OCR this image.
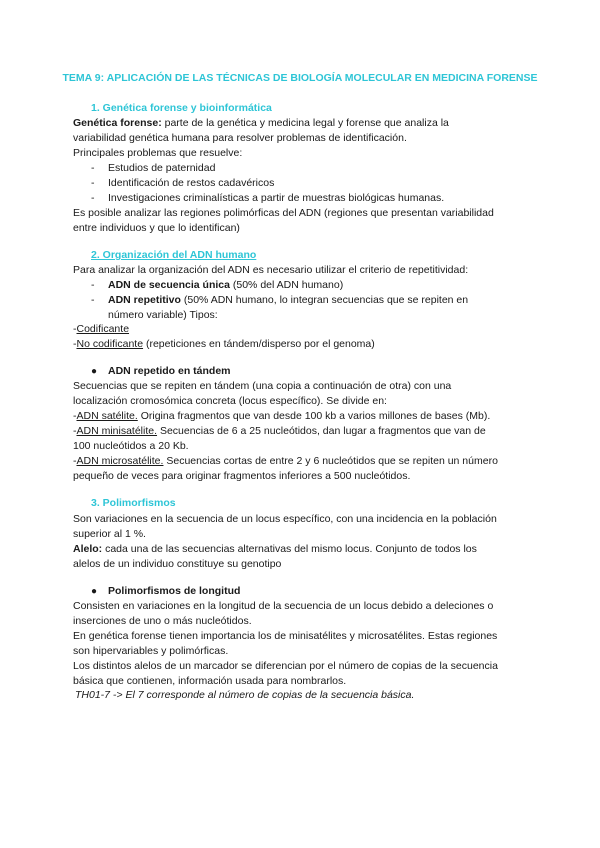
TEMA 9: APLICACIÓN DE LAS TÉCNICAS DE BIOLOGÍA MOLECULAR EN MEDICINA FORENSE
1. Genética forense y bioinformática
Genética forense: parte de la genética y medicina legal y forense que analiza la
variabilidad genética humana para resolver problemas de identificación.
Principales problemas que resuelve:
- Estudios de paternidad
- Identificación de restos cadavéricos
- Investigaciones criminalísticas a partir de muestras biológicas humanas.
Es posible analizar las regiones polimórficas del ADN (regiones que presentan variabilidad
entre individuos y que lo identifican)
2. Organización del ADN humano
Para analizar la organización del ADN es necesario utilizar el criterio de repetitividad:
- ADN de secuencia única (50% del ADN humano)
- ADN repetitivo (50% ADN humano, lo integran secuencias que se repiten en
número variable) Tipos:
-Codificante
-No codificante (repeticiones en tándem/disperso por el genoma)
● ADN repetido en tándem
Secuencias que se repiten en tándem (una copia a continuación de otra) con una
localización cromosómica concreta (locus específico). Se divide en:
-ADN satélite. Origina fragmentos que van desde 100 kb a varios millones de bases (Mb).
-ADN minisatélite. Secuencias de 6 a 25 nucleótidos, dan lugar a fragmentos que van de
100 nucleótidos a 20 Kb.
-ADN microsatélite. Secuencias cortas de entre 2 y 6 nucleótidos que se repiten un número
pequeño de veces para originar fragmentos inferiores a 500 nucleótidos.
3. Polimorfismos
Son variaciones en la secuencia de un locus específico, con una incidencia en la población
superior al 1 %.
Alelo: cada una de las secuencias alternativas del mismo locus. Conjunto de todos los
alelos de un individuo constituye su genotipo
● Polimorfismos de longitud
Consisten en variaciones en la longitud de la secuencia de un locus debido a deleciones o
inserciones de uno o más nucleótidos.
En genética forense tienen importancia los de minisatélites y microsatélites. Estas regiones
son hipervariables y polimórficas.
Los distintos alelos de un marcador se diferencian por el número de copias de la secuencia
básica que contienen, información usada para nombrarlos.
TH01-7 -> El 7 corresponde al número de copias de la secuencia básica.
